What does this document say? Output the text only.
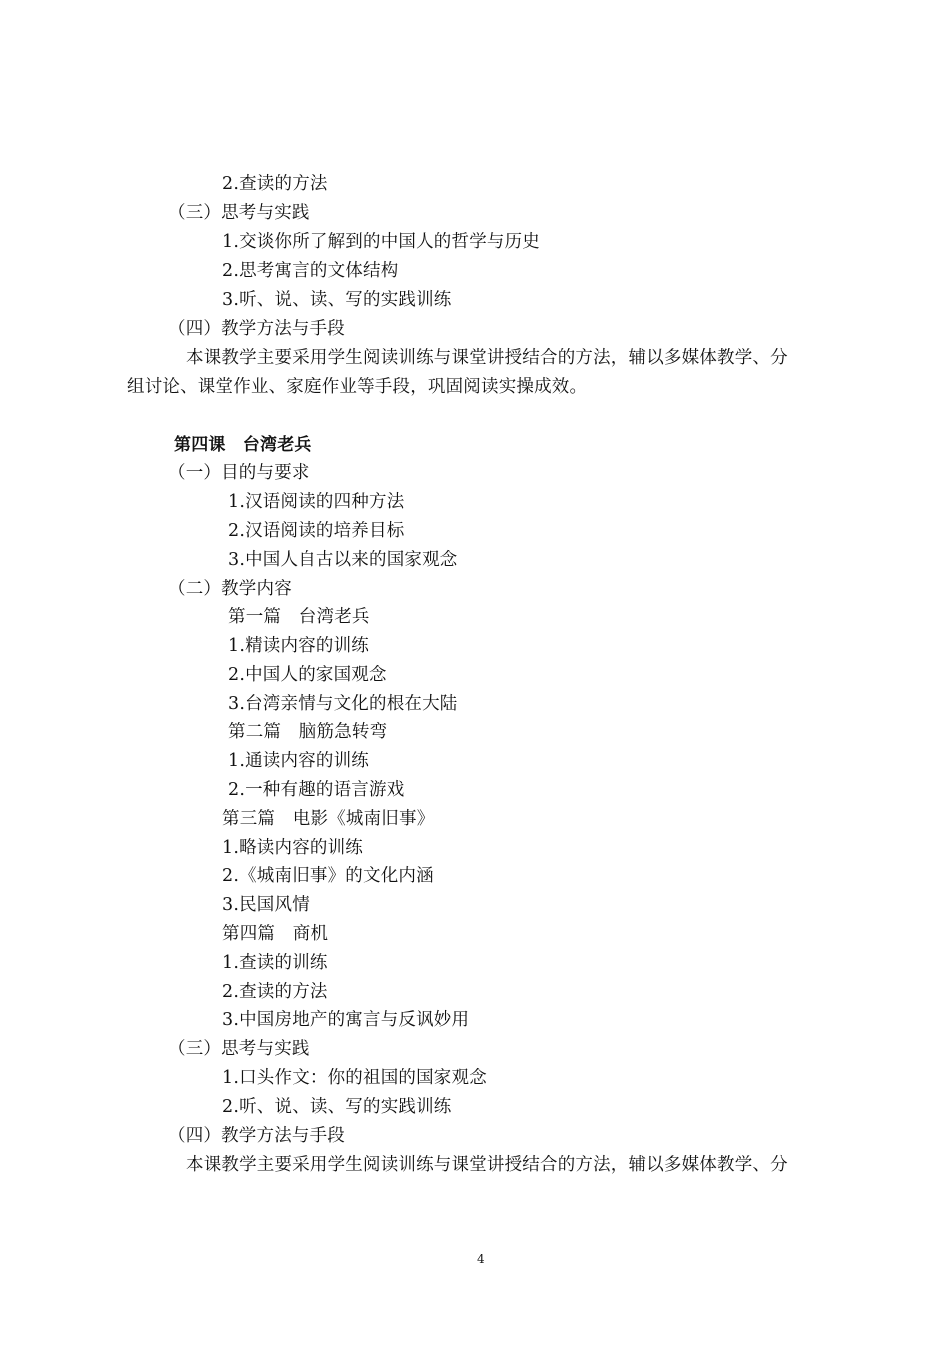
2.查读的方法
（三）思考与实践
1.交谈你所了解到的中国人的哲学与历史
2.思考寓言的文体结构
3.听、说、读、写的实践训练
（四）教学方法与手段
本课教学主要采用学生阅读训练与课堂讲授结合的方法，辅以多媒体教学、分
组讨论、课堂作业、家庭作业等手段，巩固阅读实操成效。
第四课　台湾老兵
（一）目的与要求
1.汉语阅读的四种方法
2.汉语阅读的培养目标
3.中国人自古以来的国家观念
（二）教学内容
第一篇　台湾老兵
1.精读内容的训练
2.中国人的家国观念
3.台湾亲情与文化的根在大陆
第二篇　脑筋急转弯
1.通读内容的训练
2.一种有趣的语言游戏
第三篇　电影《城南旧事》
1.略读内容的训练
2.《城南旧事》的文化内涵
3.民国风情
第四篇　商机
1.查读的训练
2.查读的方法
3.中国房地产的寓言与反讽妙用
（三）思考与实践
1.口头作文：你的祖国的国家观念
2.听、说、读、写的实践训练
（四）教学方法与手段
本课教学主要采用学生阅读训练与课堂讲授结合的方法，辅以多媒体教学、分
4
